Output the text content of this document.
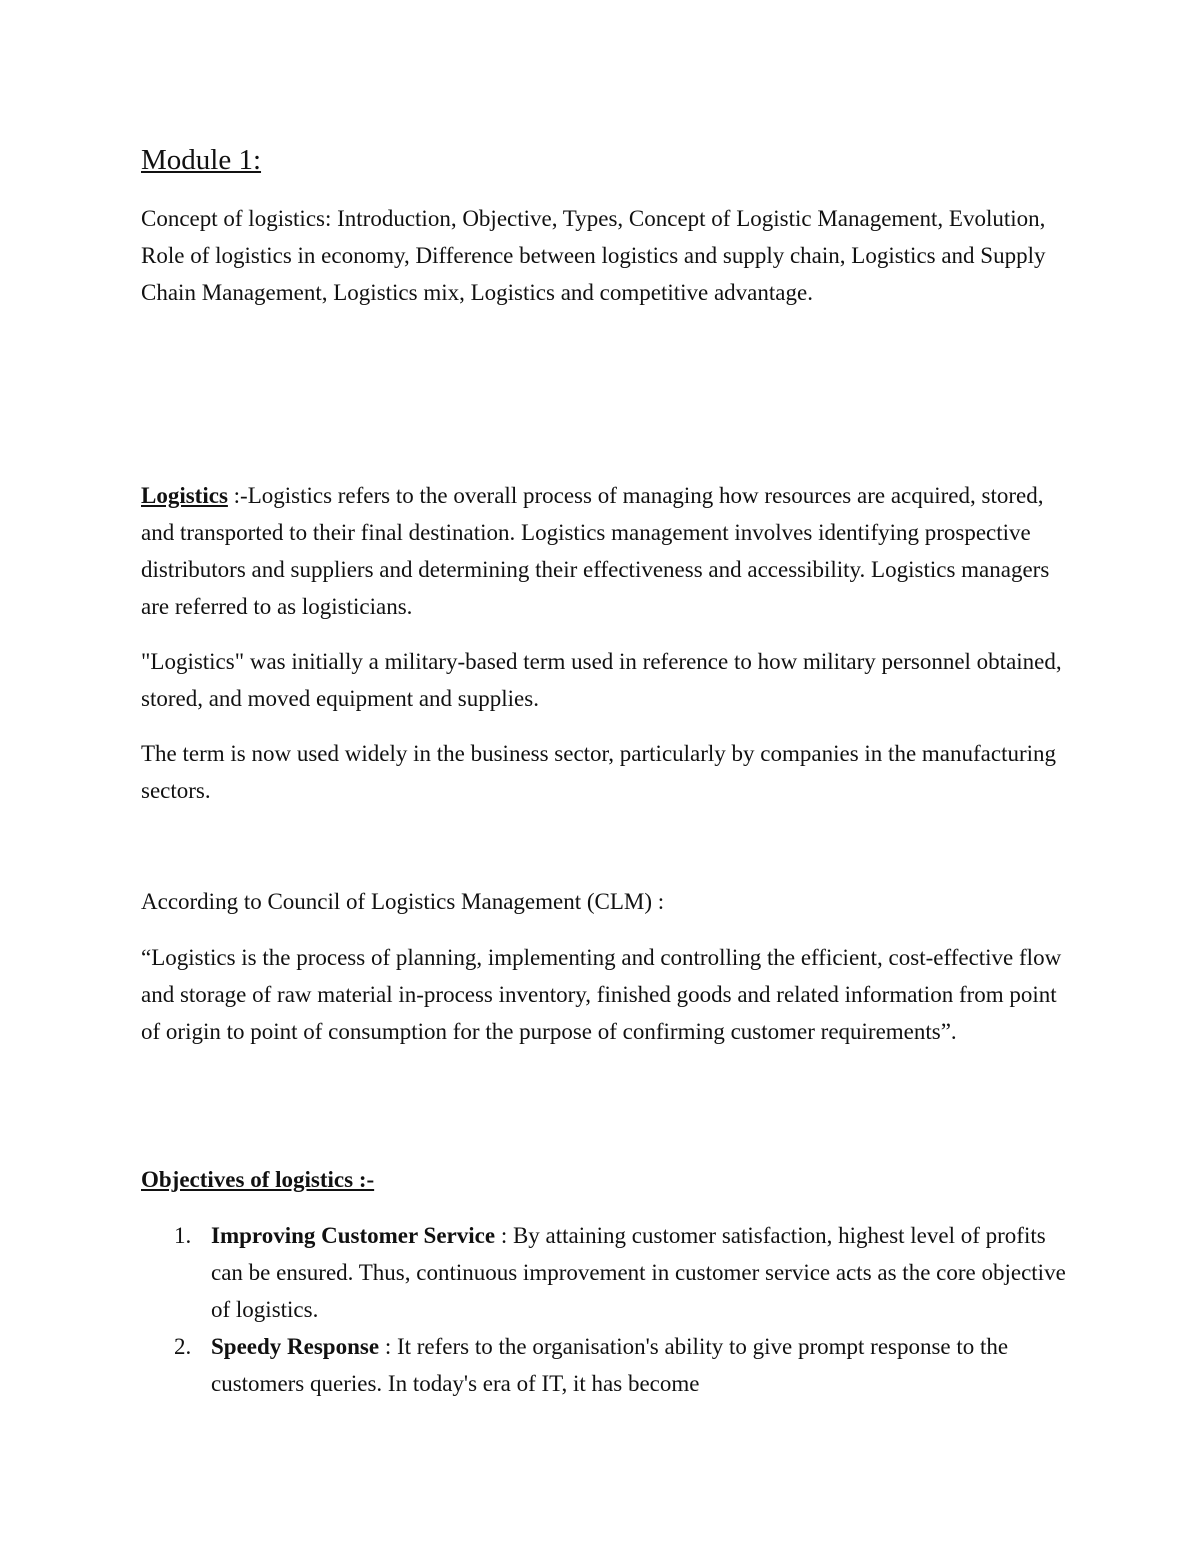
Module 1:

Concept of logistics: Introduction, Objective, Types, Concept of Logistic Management, Evolution, Role of logistics in economy, Difference between logistics and supply chain, Logistics and Supply Chain Management, Logistics mix, Logistics and competitive advantage.

Logistics :-Logistics refers to the overall process of managing how resources are acquired, stored, and transported to their final destination. Logistics management involves identifying prospective distributors and suppliers and determining their effectiveness and accessibility. Logistics managers are referred to as logisticians.

"Logistics" was initially a military-based term used in reference to how military personnel obtained, stored, and moved equipment and supplies.

The term is now used widely in the business sector, particularly by companies in the manufacturing sectors.

According to Council of Logistics Management (CLM) :

“Logistics is the process of planning, implementing and controlling the efficient, cost-effective flow and storage of raw material in-process inventory, finished goods and related information from point of origin to point of consumption for the purpose of confirming customer requirements”.

Objectives of logistics :-

1. Improving Customer Service : By attaining customer satisfaction, highest level of profits can be ensured. Thus, continuous improvement in customer service acts as the core objective of logistics.
2. Speedy Response : It refers to the organisation's ability to give prompt response to the customers queries. In today's era of IT, it has become
